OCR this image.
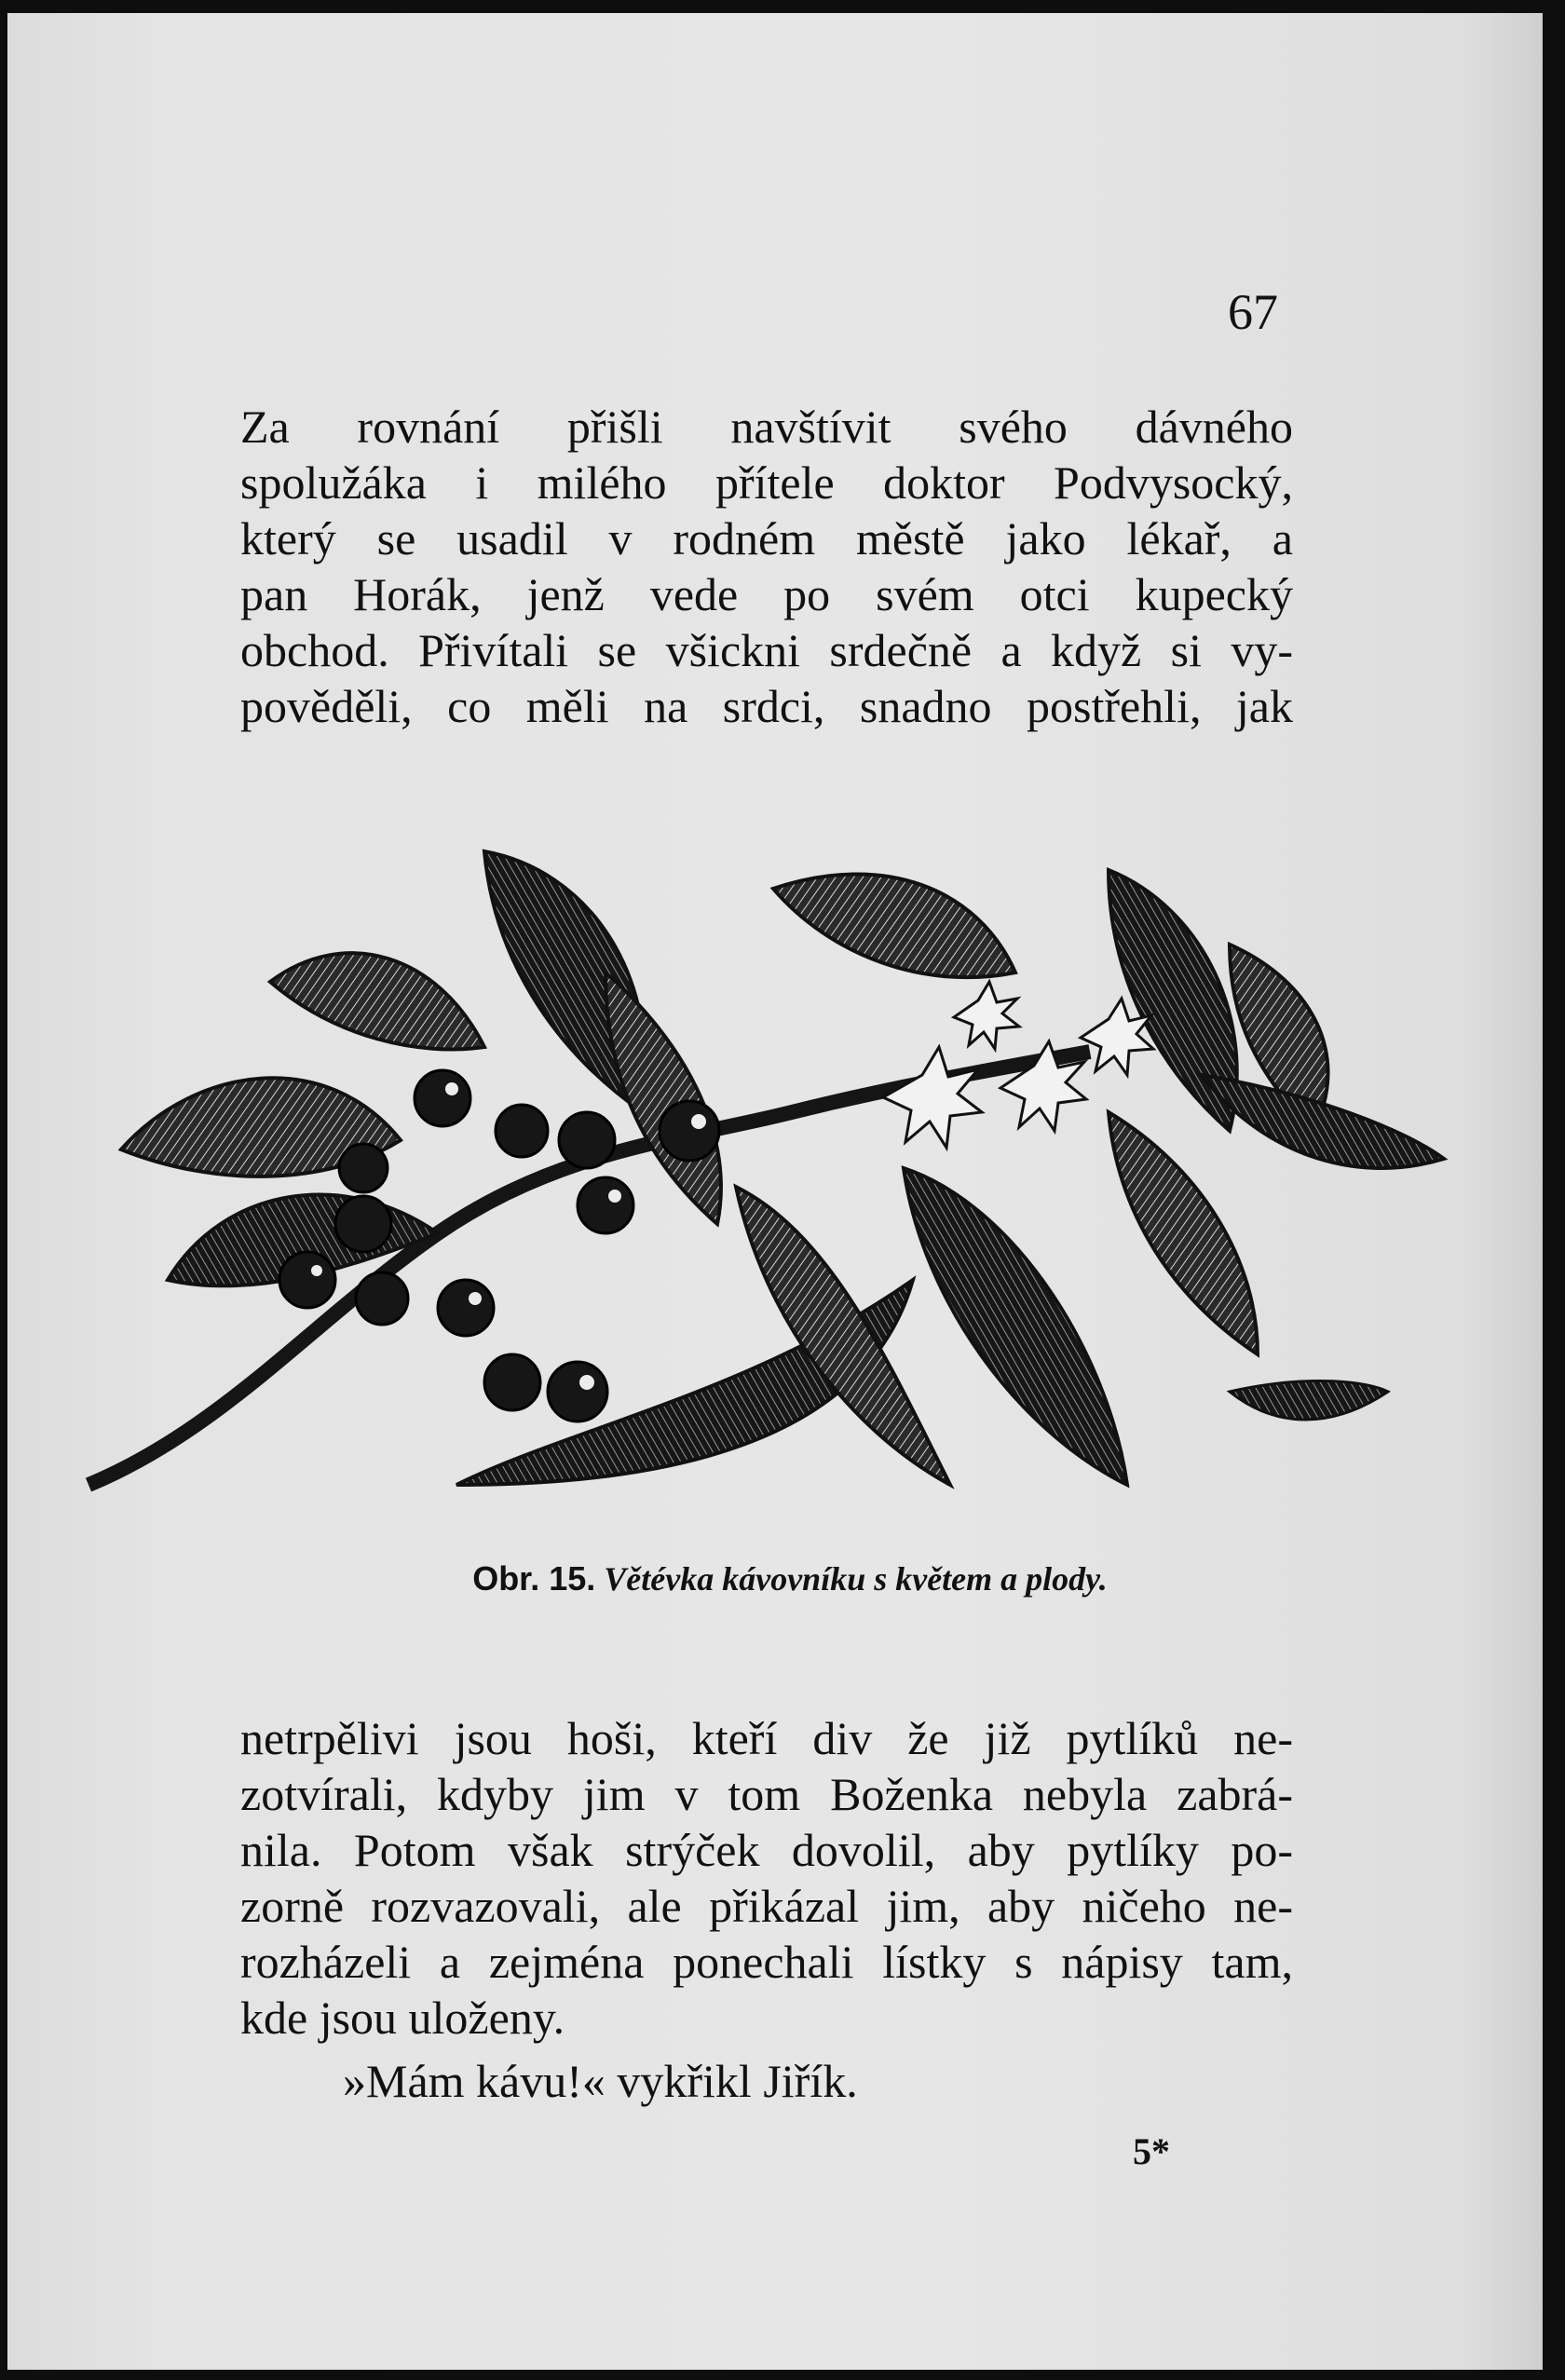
67

Za rovnání přišli navštívit svého dávného
spolužáka i milého přítele doktor Podvysocký,
který se usadil v rodném městě jako lékař, a
pan Horák, jenž vede po svém otci kupecký
obchod. Přivítali se všickni srdečně a když si vy-
pověděli, co měli na srdci, snadno postřehli, jak

Obr. 15. Větévka kávovníku s květem a plody.

netrpělivi jsou hoši, kteří div že již pytlíků ne-
zotvírali, kdyby jim v tom Boženka nebyla zabrá-
nila. Potom však strýček dovolil, aby pytlíky po-
zorně rozvazovali, ale přikázal jim, aby ničeho ne-
rozházeli a zejména ponechali lístky s nápisy tam,
kde jsou uloženy.

»Mám kávu!« vykřikl Jiřík.
5*
